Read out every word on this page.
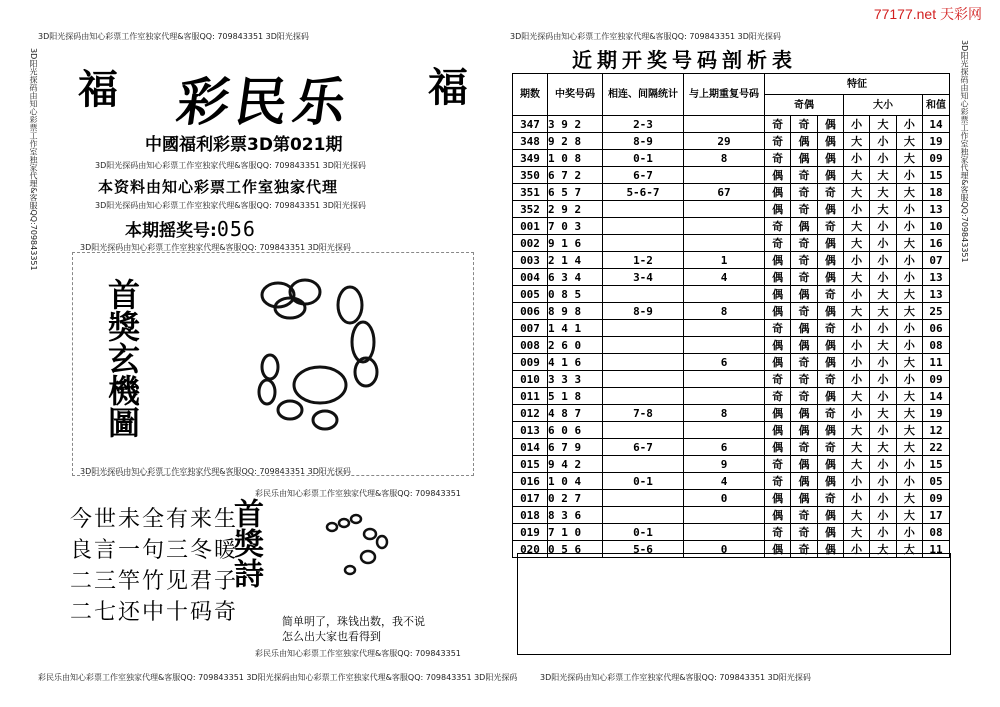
77177.net 天彩网
3D阳光探码由知心彩票工作室独家代理&客服QQ: 709843351 3D阳光探码	3D阳光探码由知心彩票工作室独家代理&客服QQ: 709843351 3D阳光探码
彩民乐由知心彩票工作室独家代理&客服QQ: 709843351 3D阳光探码由知心彩票工作室独家代理&客服QQ: 709843351 3D阳光探码	3D阳光探码由知心彩票工作室独家代理&客服QQ: 709843351 3D阳光探码
3D阳光探码由知心彩票工作室独家代理&客服QQ:709843351	3D阳光探码由知心彩票工作室独家代理&客服QQ:709843351
福	福
彩民乐
中國福利彩票3D第021期
3D阳光探码由知心彩票工作室独家代理&客服QQ: 709843351 3D阳光探码
本资料由知心彩票工作室独家代理
3D阳光探码由知心彩票工作室独家代理&客服QQ: 709843351 3D阳光探码
本期摇奖号:056
3D阳光探码由知心彩票工作室独家代理&客服QQ: 709843351 3D阳光探码
首獎玄機圖
3D阳光探码由知心彩票工作室独家代理&客服QQ: 709843351 3D阳光探码
彩民乐由知心彩票工作室独家代理&客服QQ: 709843351
今世未全有来生
良言一句三冬暖
二三竿竹见君子
二七还中十码奇
首獎詩
简单明了，珠钱出数，我不说
怎么出大家也看得到
彩民乐由知心彩票工作室独家代理&客服QQ: 709843351
近期开奖号码剖析表
期数	中奖号码	相连、间隔统计	与上期重复号码	特征						
				奇偶			大小			和值
347	3 9 2	2-3		奇	奇	偶	小	大	小	14
348	9 2 8	8-9	29	奇	偶	偶	大	小	大	19
349	1 0 8	0-1	8	奇	偶	偶	小	小	大	09
350	6 7 2	6-7		偶	奇	偶	大	大	小	15
351	6 5 7	5-6-7	67	偶	奇	奇	大	大	大	18
352	2 9 2			偶	奇	偶	小	大	小	13
001	7 0 3			奇	偶	奇	大	小	小	10
002	9 1 6			奇	奇	偶	大	小	大	16
003	2 1 4	1-2	1	偶	奇	偶	小	小	小	07
004	6 3 4	3-4	4	偶	奇	偶	大	小	小	13
005	0 8 5			偶	偶	奇	小	大	大	13
006	8 9 8	8-9	8	偶	奇	偶	大	大	大	25
007	1 4 1			奇	偶	奇	小	小	小	06
008	2 6 0			偶	偶	偶	小	大	小	08
009	4 1 6		6	偶	奇	偶	小	小	大	11
010	3 3 3			奇	奇	奇	小	小	小	09
011	5 1 8			奇	奇	偶	大	小	大	14
012	4 8 7	7-8	8	偶	偶	奇	小	大	大	19
013	6 0 6			偶	偶	偶	大	小	大	12
014	6 7 9	6-7	6	偶	奇	奇	大	大	大	22
015	9 4 2		9	奇	偶	偶	大	小	小	15
016	1 0 4	0-1	4	奇	偶	偶	小	小	小	05
017	0 2 7		0	偶	偶	奇	小	小	大	09
018	8 3 6			偶	奇	偶	大	小	大	17
019	7 1 0	0-1		奇	奇	偶	大	小	小	08
020	0 5 6	5-6	0	偶	奇	偶	小	大	大	11
